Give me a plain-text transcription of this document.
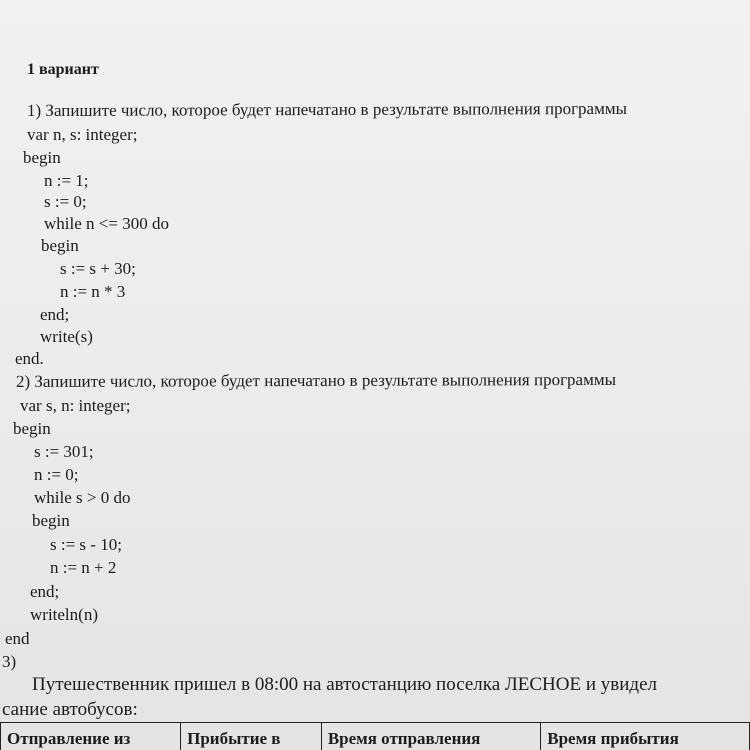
1 вариант
1) Запишите число, которое будет напечатано в результате выполнения программы
var n, s: integer;
begin
n := 1;
s := 0;
while n <= 300 do
begin
s := s + 30;
n := n * 3
end;
write(s)
end.
2) Запишите число, которое будет напечатано в результате выполнения программы
var s, n: integer;
begin
s := 301;
n := 0;
while s > 0 do
begin
s := s - 10;
n := n + 2
end;
writeln(n)
end
3)
Путешественник пришел в 08:00 на автостанцию поселка ЛЕСНОЕ и увидел
сание автобусов:
Отправление из	Прибытие в	Время отправления	Время прибытия
